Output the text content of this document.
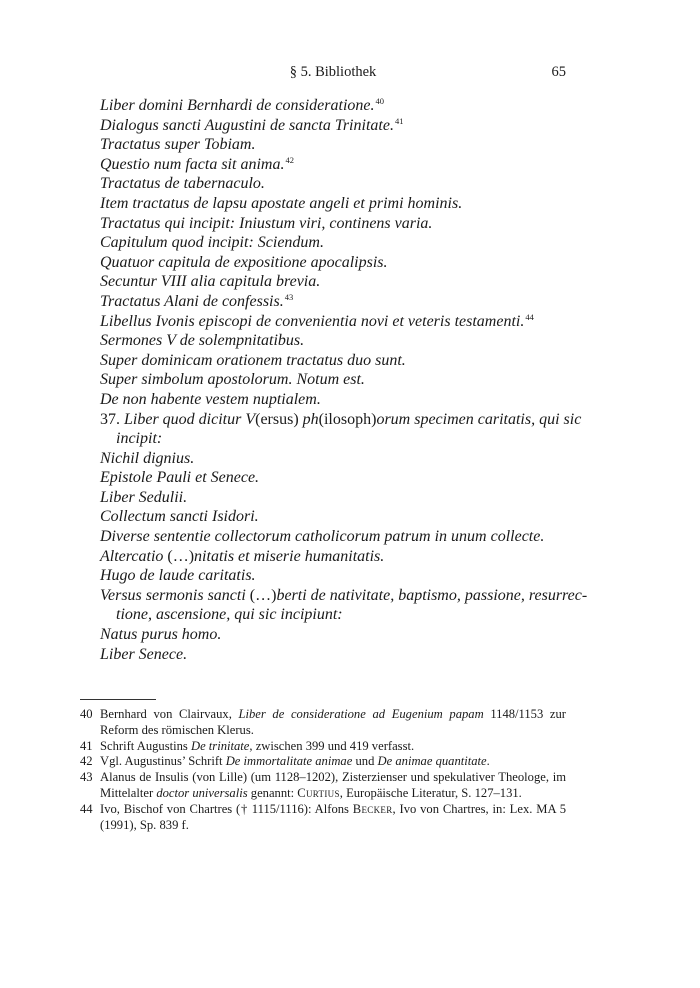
§ 5. Bibliothek	65
Liber domini Bernhardi de consideratione.$^{40}$
Dialogus sancti Augustini de sancta Trinitate.$^{41}$
Tractatus super Tobiam.
Questio num facta sit anima.$^{42}$
Tractatus de tabernaculo.
Item tractatus de lapsu apostate angeli et primi hominis.
Tractatus qui incipit: Iniustum viri, continens varia.
Capitulum quod incipit: Sciendum.
Quatuor capitula de expositione apocalipsis.
Secuntur VIII alia capitula brevia.
Tractatus Alani de confessis.$^{43}$
Libellus Ivonis episcopi de convenientia novi et veteris testamenti.$^{44}$
Sermones V de solempnitatibus.
Super dominicam orationem tractatus duo sunt.
Super simbolum apostolorum. Notum est.
De non habente vestem nuptialem.
37. Liber quod dicitur V(ersus) ph(ilosoph)orum specimen caritatis, qui sic
incipit:
Nichil dignius.
Epistole Pauli et Senece.
Liber Sedulii.
Collectum sancti Isidori.
Diverse sententie collectorum catholicorum patrum in unum collecte.
Altercatio (…)nitatis et miserie humanitatis.
Hugo de laude caritatis.
Versus sermonis sancti (…)berti de nativitate, baptismo, passione, resurrec-
tione, ascensione, qui sic incipiunt:
Natus purus homo.
Liber Senece.
40 Bernhard von Clairvaux, Liber de consideratione ad Eugenium papam 1148/1153 zur Reform des römischen Klerus.
41 Schrift Augustins De trinitate, zwischen 399 und 419 verfasst.
42 Vgl. Augustinus’ Schrift De immortalitate animae und De animae quantitate.
43 Alanus de Insulis (von Lille) (um 1128–1202), Zisterzienser und spekulativer Theologe, im Mittelalter doctor universalis genannt: Curtius, Europäische Literatur, S. 127–131.
44 Ivo, Bischof von Chartres († 1115/1116): Alfons Becker, Ivo von Chartres, in: Lex. MA 5 (1991), Sp. 839 f.
